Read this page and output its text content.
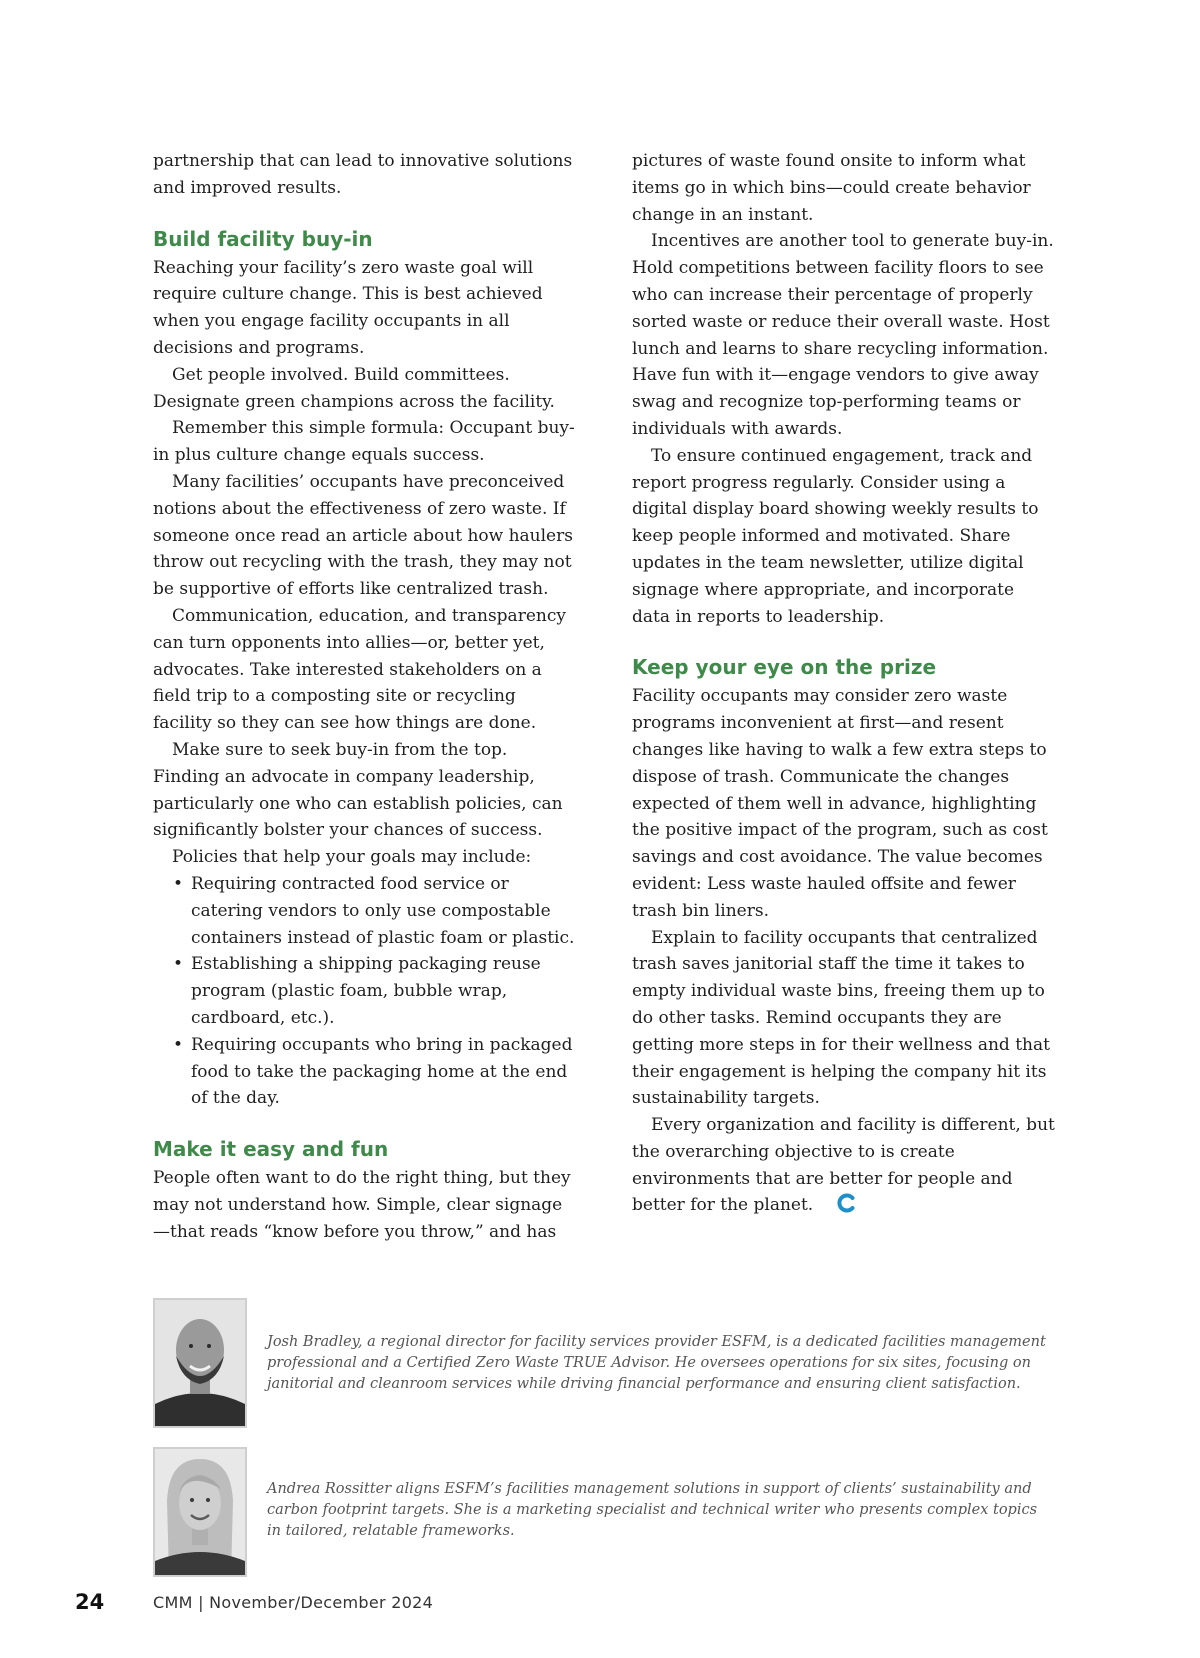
partnership that can lead to innovative solutions and improved results.

Build facility buy-in

Reaching your facility’s zero waste goal will require culture change. This is best achieved when you engage facility occupants in all decisions and programs.

Get people involved. Build committees. Designate green champions across the facility.

Remember this simple formula: Occupant buy-in plus culture change equals success.

Many facilities’ occupants have preconceived notions about the effectiveness of zero waste. If someone once read an article about how haulers throw out recycling with the trash, they may not be supportive of efforts like centralized trash.

Communication, education, and transparency can turn opponents into allies—or, better yet, advocates. Take interested stakeholders on a field trip to a composting site or recycling facility so they can see how things are done.

Make sure to seek buy-in from the top. Finding an advocate in company leadership, particularly one who can establish policies, can significantly bolster your chances of success.

Policies that help your goals may include:

• Requiring contracted food service or catering vendors to only use compostable containers instead of plastic foam or plastic.
• Establishing a shipping packaging reuse program (plastic foam, bubble wrap, cardboard, etc.).
• Requiring occupants who bring in packaged food to take the packaging home at the end of the day.
Make it easy and fun

People often want to do the right thing, but they may not understand how. Simple, clear signage—that reads “know before you throw,” and has

pictures of waste found onsite to inform what items go in which bins—could create behavior change in an instant.

Incentives are another tool to generate buy-in. Hold competitions between facility floors to see who can increase their percentage of properly sorted waste or reduce their overall waste. Host lunch and learns to share recycling information. Have fun with it—engage vendors to give away swag and recognize top-performing teams or individuals with awards.

To ensure continued engagement, track and report progress regularly. Consider using a digital display board showing weekly results to keep people informed and motivated. Share updates in the team newsletter, utilize digital signage where appropriate, and incorporate data in reports to leadership.

Keep your eye on the prize

Facility occupants may consider zero waste programs inconvenient at first—and resent changes like having to walk a few extra steps to dispose of trash. Communicate the changes expected of them well in advance, highlighting the positive impact of the program, such as cost savings and cost avoidance. The value becomes evident: Less waste hauled offsite and fewer trash bin liners.

Explain to facility occupants that centralized trash saves janitorial staff the time it takes to empty individual waste bins, freeing them up to do other tasks. Remind occupants they are getting more steps in for their wellness and that their engagement is helping the company hit its sustainability targets.

Every organization and facility is different, but the overarching objective to is create environments that are better for people and better for the planet.

Josh Bradley, a regional director for facility services provider ESFM, is a dedicated facilities management professional and a Certified Zero Waste TRUE Advisor. He oversees operations for six sites, focusing on janitorial and cleanroom services while driving financial performance and ensuring client satisfaction.
Andrea Rossitter aligns ESFM’s facilities management solutions in support of clients’ sustainability and carbon footprint targets. She is a marketing specialist and technical writer who presents complex topics in tailored, relatable frameworks.
24	CMM | November/December 2024
